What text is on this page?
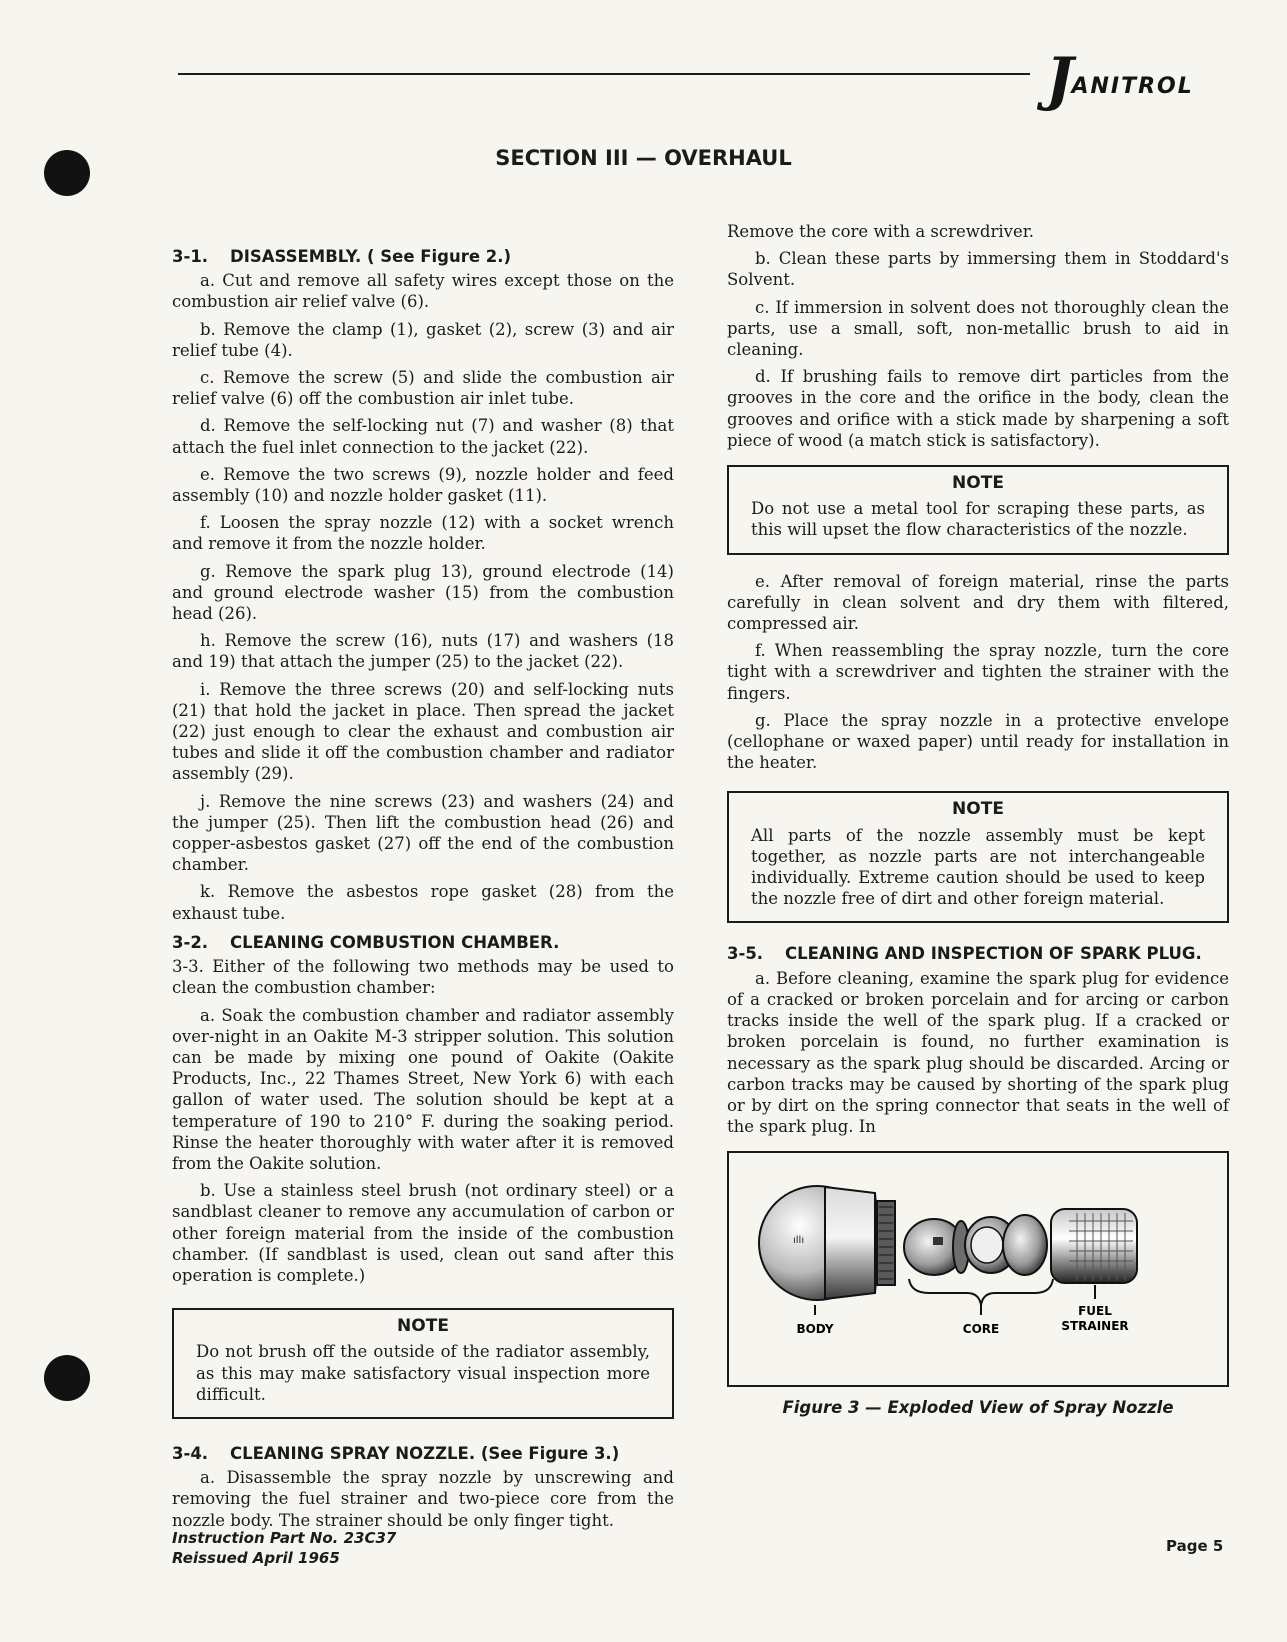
JANITROL
SECTION III — OVERHAUL
3-1. DISASSEMBLY. ( See Figure 2.)

a. Cut and remove all safety wires except those on the combustion air relief valve (6).

b. Remove the clamp (1), gasket (2), screw (3) and air relief tube (4).

c. Remove the screw (5) and slide the combustion air relief valve (6) off the combustion air inlet tube.

d. Remove the self-locking nut (7) and washer (8) that attach the fuel inlet connection to the jacket (22).

e. Remove the two screws (9), nozzle holder and feed assembly (10) and nozzle holder gasket (11).

f. Loosen the spray nozzle (12) with a socket wrench and remove it from the nozzle holder.

g. Remove the spark plug 13), ground electrode (14) and ground electrode washer (15) from the combustion head (26).

h. Remove the screw (16), nuts (17) and washers (18 and 19) that attach the jumper (25) to the jacket (22).

i. Remove the three screws (20) and self-locking nuts (21) that hold the jacket in place. Then spread the jacket (22) just enough to clear the exhaust and combustion air tubes and slide it off the combustion chamber and radiator assembly (29).

j. Remove the nine screws (23) and washers (24) and the jumper (25). Then lift the combustion head (26) and copper-asbestos gasket (27) off the end of the combustion chamber.

k. Remove the asbestos rope gasket (28) from the exhaust tube.

3-2. CLEANING COMBUSTION CHAMBER.

3-3. Either of the following two methods may be used to clean the combustion chamber:

a. Soak the combustion chamber and radiator assembly over-night in an Oakite M-3 stripper solution. This solution can be made by mixing one pound of Oakite (Oakite Products, Inc., 22 Thames Street, New York 6) with each gallon of water used. The solution should be kept at a temperature of 190 to 210° F. during the soaking period. Rinse the heater thoroughly with water after it is removed from the Oakite solution.

b. Use a stainless steel brush (not ordinary steel) or a sandblast cleaner to remove any accumulation of carbon or other foreign material from the inside of the combustion chamber. (If sandblast is used, clean out sand after this operation is complete.)

NOTE

Do not brush off the outside of the radiator assembly, as this may make satisfactory visual inspection more difficult.

3-4. CLEANING SPRAY NOZZLE. (See Figure 3.)

a. Disassemble the spray nozzle by unscrewing and removing the fuel strainer and two-piece core from the nozzle body. The strainer should be only finger tight.

Remove the core with a screwdriver.

b. Clean these parts by immersing them in Stoddard's Solvent.

c. If immersion in solvent does not thoroughly clean the parts, use a small, soft, non-metallic brush to aid in cleaning.

d. If brushing fails to remove dirt particles from the grooves in the core and the orifice in the body, clean the grooves and orifice with a stick made by sharpening a soft piece of wood (a match stick is satisfactory).

NOTE

Do not use a metal tool for scraping these parts, as this will upset the flow characteristics of the nozzle.

e. After removal of foreign material, rinse the parts carefully in clean solvent and dry them with filtered, compressed air.

f. When reassembling the spray nozzle, turn the core tight with a screwdriver and tighten the strainer with the fingers.

g. Place the spray nozzle in a protective envelope (cellophane or waxed paper) until ready for installation in the heater.

NOTE

All parts of the nozzle assembly must be kept together, as nozzle parts are not interchangeable individually. Extreme caution should be used to keep the nozzle free of dirt and other foreign material.

3-5. CLEANING AND INSPECTION OF SPARK PLUG.

a. Before cleaning, examine the spark plug for evidence of a cracked or broken porcelain and for arcing or carbon tracks inside the well of the spark plug. If a cracked or broken porcelain is found, no further examination is necessary as the spark plug should be discarded. Arcing or carbon tracks may be caused by shorting of the spark plug or by dirt on the spring connector that seats in the well of the spark plug. In

ıllı
BODY	CORE
FUEL
STRAINER
Figure 3 — Exploded View of Spray Nozzle
Instruction Part No. 23C37
Reissued April 1965
Page 5
